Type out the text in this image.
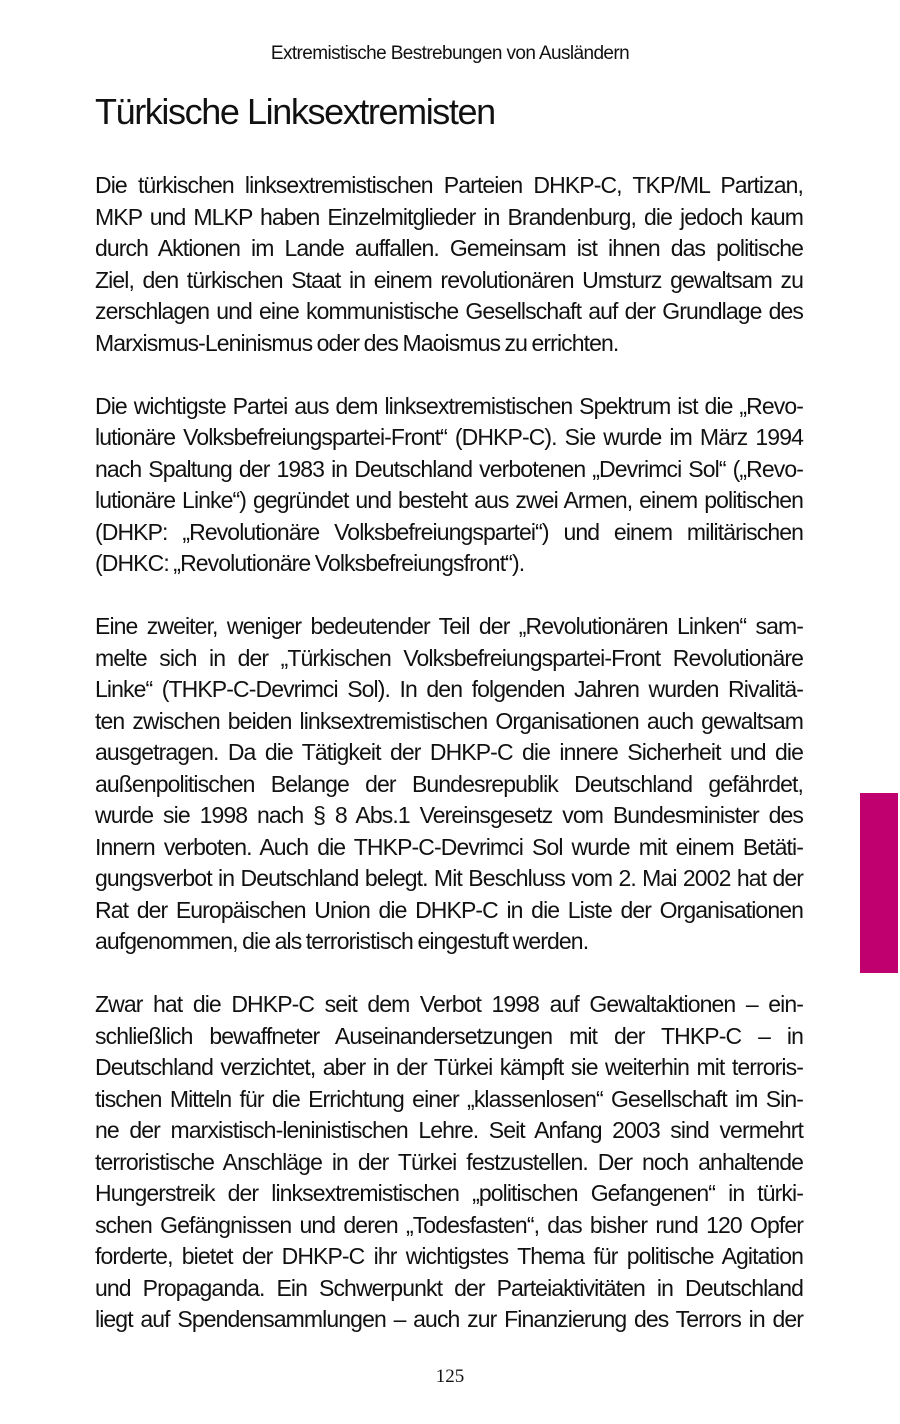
Extremistische Bestrebungen von Ausländern
Türkische Linksextremisten

Die türkischen linksextremistischen Parteien DHKP-C, TKP/ML Partizan,
MKP und MLKP haben Einzelmitglieder in Brandenburg, die jedoch kaum
durch Aktionen im Lande auffallen. Gemeinsam ist ihnen das politische
Ziel, den türkischen Staat in einem revolutionären Umsturz gewaltsam zu
zerschlagen und eine kommunistische Gesellschaft auf der Grundlage des
Marxismus-Leninismus oder des Maoismus zu errichten.

Die wichtigste Partei aus dem linksextremistischen Spektrum ist die „Revo-
lutionäre Volksbefreiungspartei-Front“ (DHKP-C). Sie wurde im März 1994
nach Spaltung der 1983 in Deutschland verbotenen „Devrimci Sol“ („Revo-
lutionäre Linke“) gegründet und besteht aus zwei Armen, einem politischen
(DHKP: „Revolutionäre Volksbefreiungspartei“) und einem militärischen
(DHKC: „Revolutionäre Volksbefreiungsfront“).

Eine zweiter, weniger bedeutender Teil der „Revolutionären Linken“ sam-
melte sich in der „Türkischen Volksbefreiungspartei-Front Revolutionäre
Linke“ (THKP-C-Devrimci Sol). In den folgenden Jahren wurden Rivalitä-
ten zwischen beiden linksextremistischen Organisationen auch gewaltsam
ausgetragen. Da die Tätigkeit der DHKP-C die innere Sicherheit und die
außenpolitischen Belange der Bundesrepublik Deutschland gefährdet,
wurde sie 1998 nach § 8 Abs.1 Vereinsgesetz vom Bundesminister des
Innern verboten. Auch die THKP-C-Devrimci Sol wurde mit einem Betäti-
gungsverbot in Deutschland belegt. Mit Beschluss vom 2. Mai 2002 hat der
Rat der Europäischen Union die DHKP-C in die Liste der Organisationen
aufgenommen, die als terroristisch eingestuft werden.

Zwar hat die DHKP-C seit dem Verbot 1998 auf Gewaltaktionen – ein-
schließlich bewaffneter Auseinandersetzungen mit der THKP-C – in
Deutschland verzichtet, aber in der Türkei kämpft sie weiterhin mit terroris-
tischen Mitteln für die Errichtung einer „klassenlosen“ Gesellschaft im Sin-
ne der marxistisch-leninistischen Lehre. Seit Anfang 2003 sind vermehrt
terroristische Anschläge in der Türkei festzustellen. Der noch anhaltende
Hungerstreik der linksextremistischen „politischen Gefangenen“ in türki-
schen Gefängnissen und deren „Todesfasten“, das bisher rund 120 Opfer
forderte, bietet der DHKP-C ihr wichtigstes Thema für politische Agitation
und Propaganda. Ein Schwerpunkt der Parteiaktivitäten in Deutschland
liegt auf Spendensammlungen – auch zur Finanzierung des Terrors in der

125
